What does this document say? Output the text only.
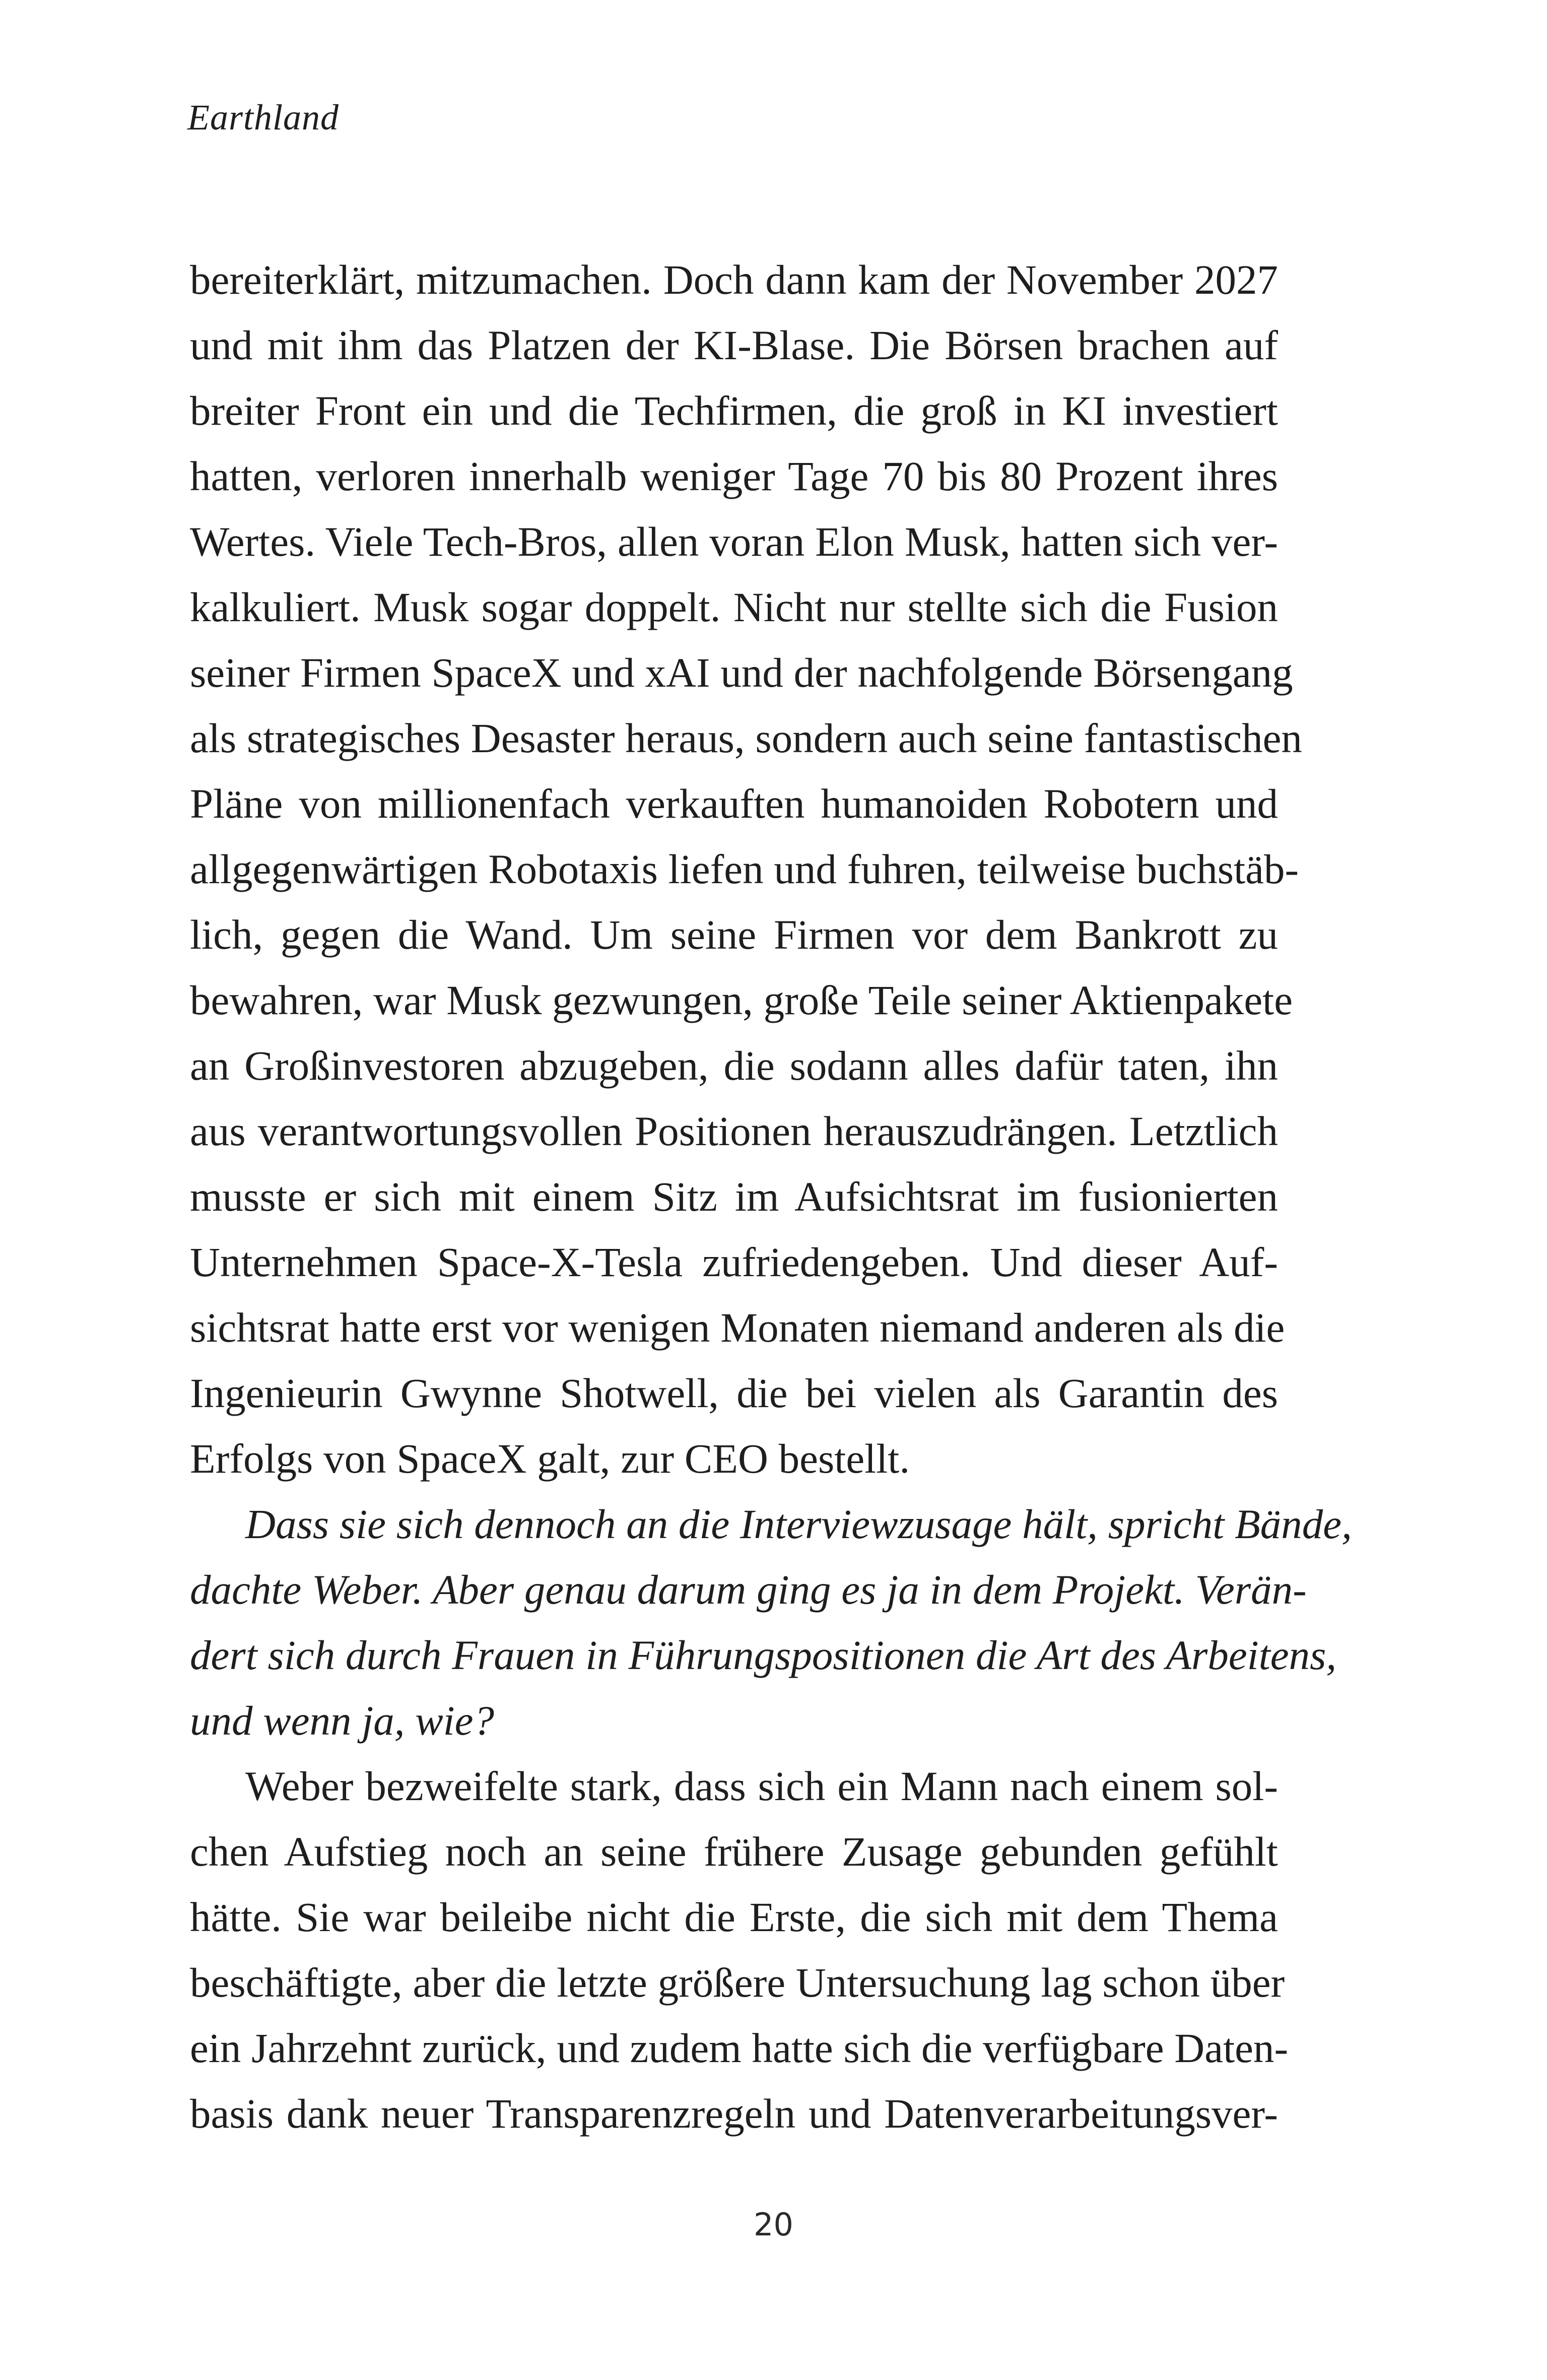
Earthland
bereiterklärt, mitzumachen. Doch dann kam der November 2027
und mit ihm das Platzen der KI-Blase. Die Börsen brachen auf
breiter Front ein und die Techfirmen, die groß in KI investiert
hatten, verloren innerhalb weniger Tage 70 bis 80 Prozent ihres
Wertes. Viele Tech-Bros, allen voran Elon Musk, hatten sich ver-
kalkuliert. Musk sogar doppelt. Nicht nur stellte sich die Fusion
seiner Firmen SpaceX und xAI und der nachfolgende Börsengang
als strategisches Desaster heraus, sondern auch seine fantastischen
Pläne von millionenfach verkauften humanoiden Robotern und
allgegenwärtigen Robotaxis liefen und fuhren, teilweise buchstäb-
lich, gegen die Wand. Um seine Firmen vor dem Bankrott zu
bewahren, war Musk gezwungen, große Teile seiner Aktienpakete
an Großinvestoren abzugeben, die sodann alles dafür taten, ihn
aus verantwortungsvollen Positionen herauszudrängen. Letztlich
musste er sich mit einem Sitz im Aufsichtsrat im fusionierten
Unternehmen Space-X-Tesla zufriedengeben. Und dieser Auf-
sichtsrat hatte erst vor wenigen Monaten niemand anderen als die
Ingenieurin Gwynne Shotwell, die bei vielen als Garantin des
Erfolgs von SpaceX galt, zur CEO bestellt.
Dass sie sich dennoch an die Interviewzusage hält, spricht Bände,
dachte Weber. Aber genau darum ging es ja in dem Projekt. Verän-
dert sich durch Frauen in Führungspositionen die Art des Arbeitens,
und wenn ja, wie?
Weber bezweifelte stark, dass sich ein Mann nach einem sol-
chen Aufstieg noch an seine frühere Zusage gebunden gefühlt
hätte. Sie war beileibe nicht die Erste, die sich mit dem Thema
beschäftigte, aber die letzte größere Untersuchung lag schon über
ein Jahrzehnt zurück, und zudem hatte sich die verfügbare Daten-
basis dank neuer Transparenzregeln und Datenverarbeitungsver-
20
